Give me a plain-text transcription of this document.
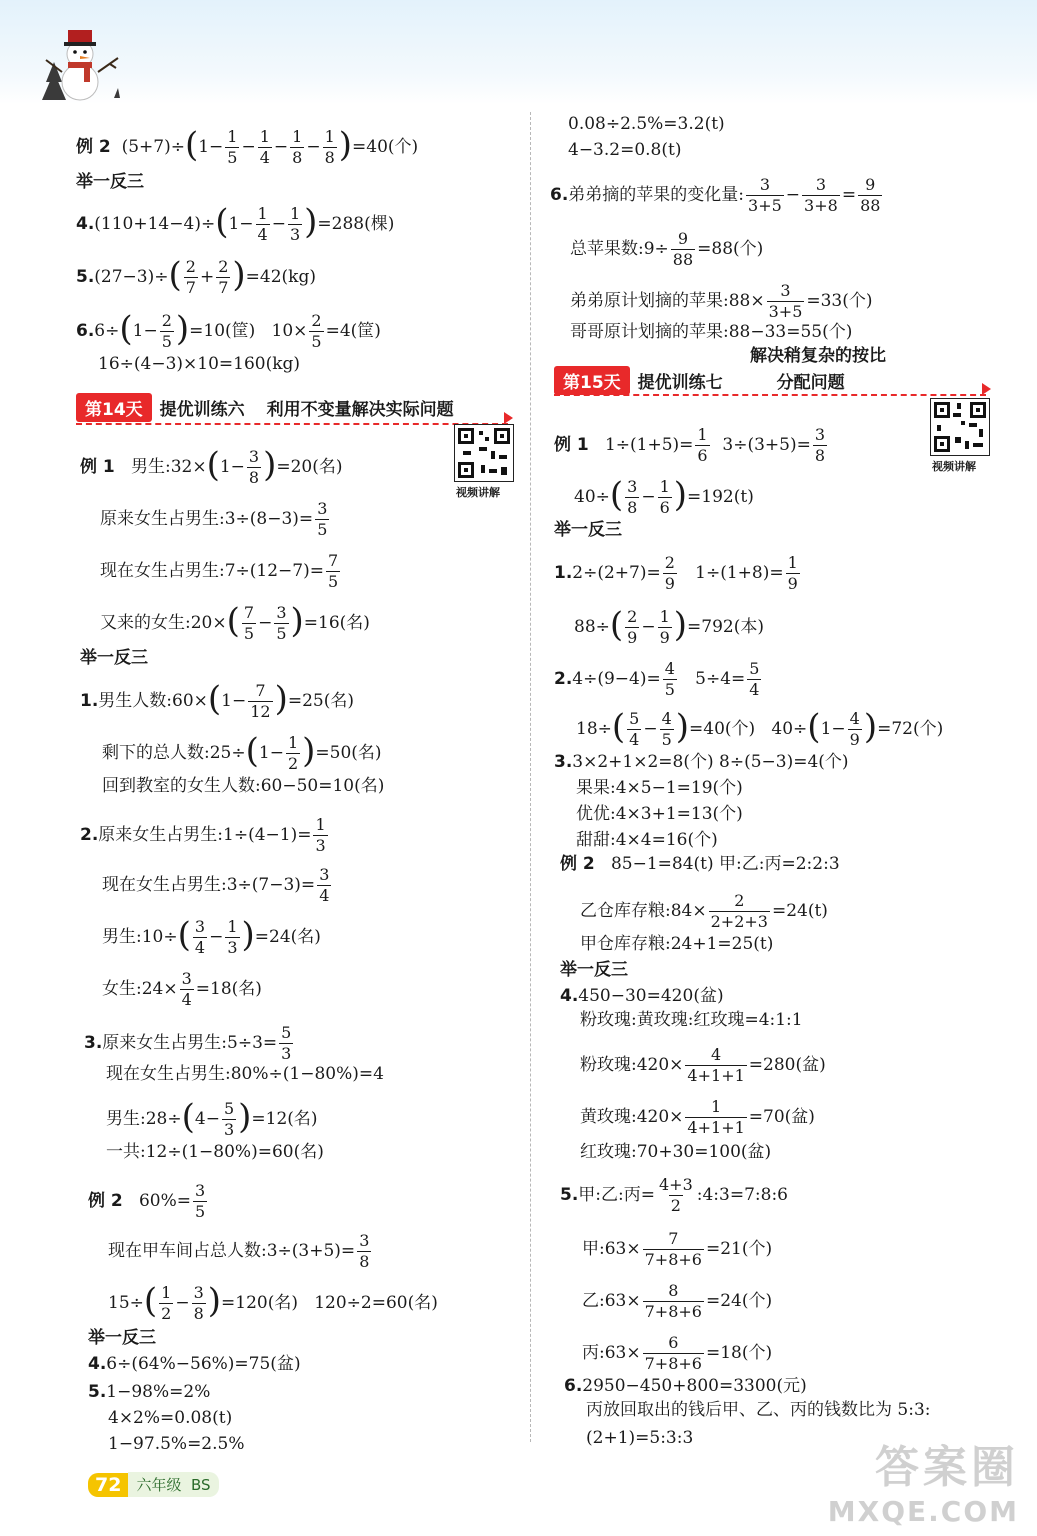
例 2
(5+7)÷ ( $1- \frac{1}{5} - \frac{1}{4} - \frac{1}{8} - \frac{1}{8}$ ) =40(个)
举一反三
4. (110+14−4)÷ ( $1- \frac{1}{4} - \frac{1}{3}$ ) =288(棵)
5. (27−3)÷ ( $\frac{2}{7} + \frac{2}{7}$ ) =42(kg)
6. 6÷ ( $1- \frac{2}{5}$ ) =10(筐)
$10\times \frac{2}{5} =4$(筐)
16÷(4−3)×10=160(kg)
第14天	提优训练六 利用不变量解决实际问题
视频讲解
例 1
男生:32× ( $1- \frac{3}{8}$ ) =20(名)
原来女生占男生:3÷(8−3)= $\frac{3}{5}$
现在女生占男生:7÷(12−7)= $\frac{7}{5}$
又来的女生:20× ( $\frac{7}{5} - \frac{3}{5}$ ) =16(名)
举一反三
1. 男生人数:60× ( $1- \frac{7}{12}$ ) =25(名)
剩下的总人数:25÷ ( $1- \frac{1}{2}$ ) =50(名)
回到教室的女生人数:60−50=10(名)
2. 原来女生占男生:1÷(4−1)= $\frac{1}{3}$
现在女生占男生:3÷(7−3)= $\frac{3}{4}$
男生:10÷ ( $\frac{3}{4} - \frac{1}{3}$ ) =24(名)
女生:24× $\frac{3}{4} =18$(名)
3. 原来女生占男生:5÷3= $\frac{5}{3}$
现在女生占男生:80%÷(1−80%)=4
男生:28÷ ( $4- \frac{5}{3}$ ) =12(名)
一共:12÷(1−80%)=60(名)
例 2
$60\%= \frac{3}{5}$
现在甲车间占总人数:3÷(3+5)= $\frac{3}{8}$
15÷ ( $\frac{1}{2} - \frac{3}{8}$ ) =120(名)
120÷2=60(名)
举一反三
4. 6÷(64%−56%)=75(盆)
5. 1−98%=2%
4×2%=0.08(t)
1−97.5%=2.5%
0.08÷2.5%=3.2(t)
4−3.2=0.8(t)
6. 弟弟摘的苹果的变化量: $\frac{3}{3+5} - \frac{3}{3+8} = \frac{9}{88}$
总苹果数:9÷ $\frac{9}{88} =88$(个)
弟弟原计划摘的苹果:88× $\frac{3}{3+5} =33$(个)
哥哥原计划摘的苹果:88−33=55(个)
解决稍复杂的按比
第15天	提优训练七	分配问题
视频讲解
例 1
$1\div(1+5)= \frac{1}{6}$
$3\div(3+5)= \frac{3}{8}$
40÷ ( $\frac{3}{8} - \frac{1}{6}$ ) =192(t)
举一反三
1. $2\div(2+7)= \frac{2}{9}$
$1\div(1+8)= \frac{1}{9}$
88÷ ( $\frac{2}{9} - \frac{1}{9}$ ) =792(本)
2. $4\div(9-4)= \frac{4}{5}$
$5\div 4= \frac{5}{4}$
18÷ ( $\frac{5}{4} - \frac{4}{5}$ ) =40(个)
40÷ ( $1- \frac{4}{9}$ ) =72(个)
3. 3×2+1×2=8(个) 8÷(5−3)=4(个)
果果:4×5−1=19(个)
优优:4×3+1=13(个)
甜甜:4×4=16(个)
例 2
85−1=84(t) 甲:乙:丙=2:2:3
乙仓库存粮:84× $\frac{2}{2+2+3} =24(t)$
甲仓库存粮:24+1=25(t)
举一反三
4. 450−30=420(盆)
粉玫瑰:黄玫瑰:红玫瑰=4:1:1
粉玫瑰:420× $\frac{4}{4+1+1} =280$(盆)
黄玫瑰:420× $\frac{1}{4+1+1} =70$(盆)
红玫瑰:70+30=100(盆)
5. 甲:乙:丙= $\frac{4+3}{2}$ :4:3=7:8:6
甲:63× $\frac{7}{7+8+6} =21$(个)
乙:63× $\frac{8}{7+8+6} =24$(个)
丙:63× $\frac{6}{7+8+6} =18$(个)
6. 2950−450+800=3300(元)
丙放回取出的钱后甲、乙、丙的钱数比为 5:3:
(2+1)=5:3:3
72	六年级 BS	答案圈
MXQE.COM
